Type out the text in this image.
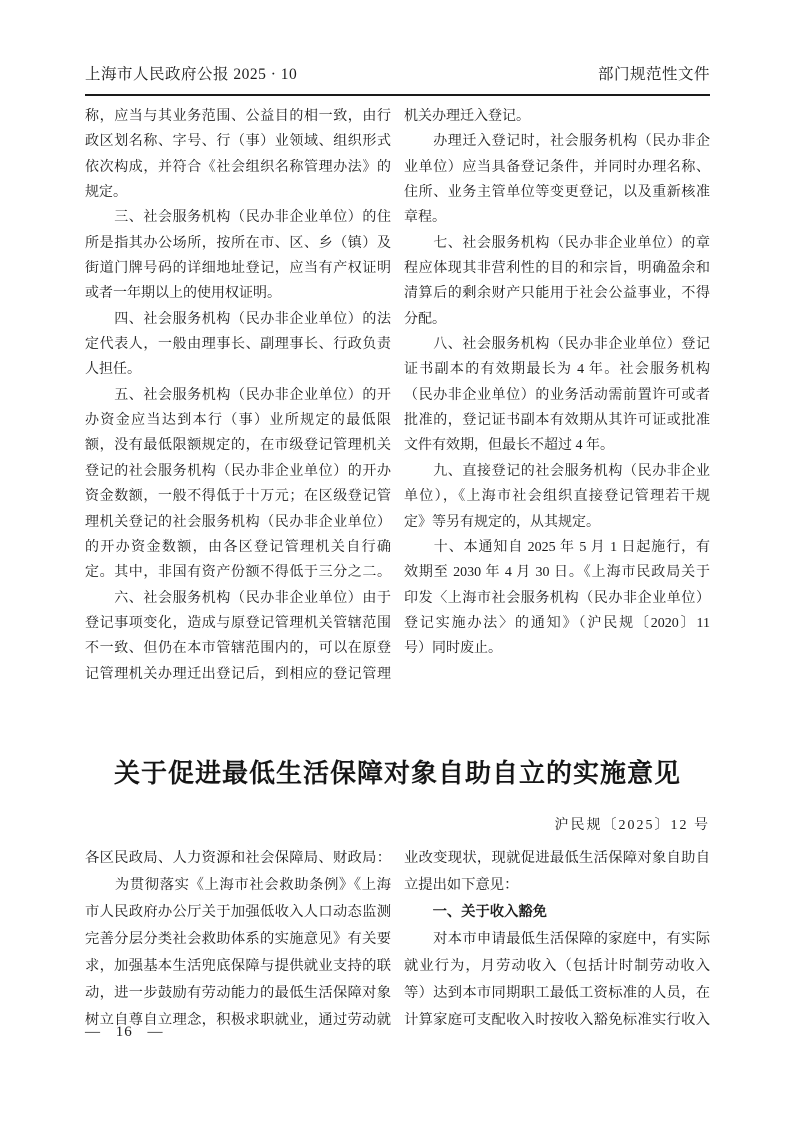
上海市人民政府公报 2025 · 10	部门规范性文件
称，应当与其业务范围、公益目的相一致，由行
政区划名称、字号、行（事）业领域、组织形式
依次构成，并符合《社会组织名称管理办法》的
规定。
　　三、社会服务机构（民办非企业单位）的住
所是指其办公场所，按所在市、区、乡（镇）及
街道门牌号码的详细地址登记，应当有产权证明
或者一年期以上的使用权证明。
　　四、社会服务机构（民办非企业单位）的法
定代表人，一般由理事长、副理事长、行政负责
人担任。
　　五、社会服务机构（民办非企业单位）的开
办资金应当达到本行（事）业所规定的最低限
额，没有最低限额规定的，在市级登记管理机关
登记的社会服务机构（民办非企业单位）的开办
资金数额，一般不得低于十万元；在区级登记管
理机关登记的社会服务机构（民办非企业单位）
的开办资金数额，由各区登记管理机关自行确
定。其中，非国有资产份额不得低于三分之二。
　　六、社会服务机构（民办非企业单位）由于
登记事项变化，造成与原登记管理机关管辖范围
不一致、但仍在本市管辖范围内的，可以在原登
记管理机关办理迁出登记后，到相应的登记管理
机关办理迁入登记。
　　办理迁入登记时，社会服务机构（民办非企
业单位）应当具备登记条件，并同时办理名称、
住所、业务主管单位等变更登记，以及重新核准
章程。
　　七、社会服务机构（民办非企业单位）的章
程应体现其非营利性的目的和宗旨，明确盈余和
清算后的剩余财产只能用于社会公益事业，不得
分配。
　　八、社会服务机构（民办非企业单位）登记
证书副本的有效期最长为 4 年。社会服务机构
（民办非企业单位）的业务活动需前置许可或者
批准的，登记证书副本有效期从其许可证或批准
文件有效期，但最长不超过 4 年。
　　九、直接登记的社会服务机构（民办非企业
单位），《上海市社会组织直接登记管理若干规
定》等另有规定的，从其规定。
　　十、本通知自 2025 年 5 月 1 日起施行，有
效期至 2030 年 4 月 30 日。《上海市民政局关于
印发〈上海市社会服务机构（民办非企业单位）
登记实施办法〉的通知》（沪民规〔2020〕11
号）同时废止。
关于促进最低生活保障对象自助自立的实施意见
沪民规〔2025〕12 号
各区民政局、人力资源和社会保障局、财政局：
　　为贯彻落实《上海市社会救助条例》《上海
市人民政府办公厅关于加强低收入人口动态监测
完善分层分类社会救助体系的实施意见》有关要
求，加强基本生活兜底保障与提供就业支持的联
动，进一步鼓励有劳动能力的最低生活保障对象
树立自尊自立理念，积极求职就业，通过劳动就
业改变现状，现就促进最低生活保障对象自助自
立提出如下意见：
　　一、关于收入豁免
　　对本市申请最低生活保障的家庭中，有实际
就业行为，月劳动收入（包括计时制劳动收入
等）达到本市同期职工最低工资标准的人员，在
计算家庭可支配收入时按收入豁免标准实行收入
— 16 —
